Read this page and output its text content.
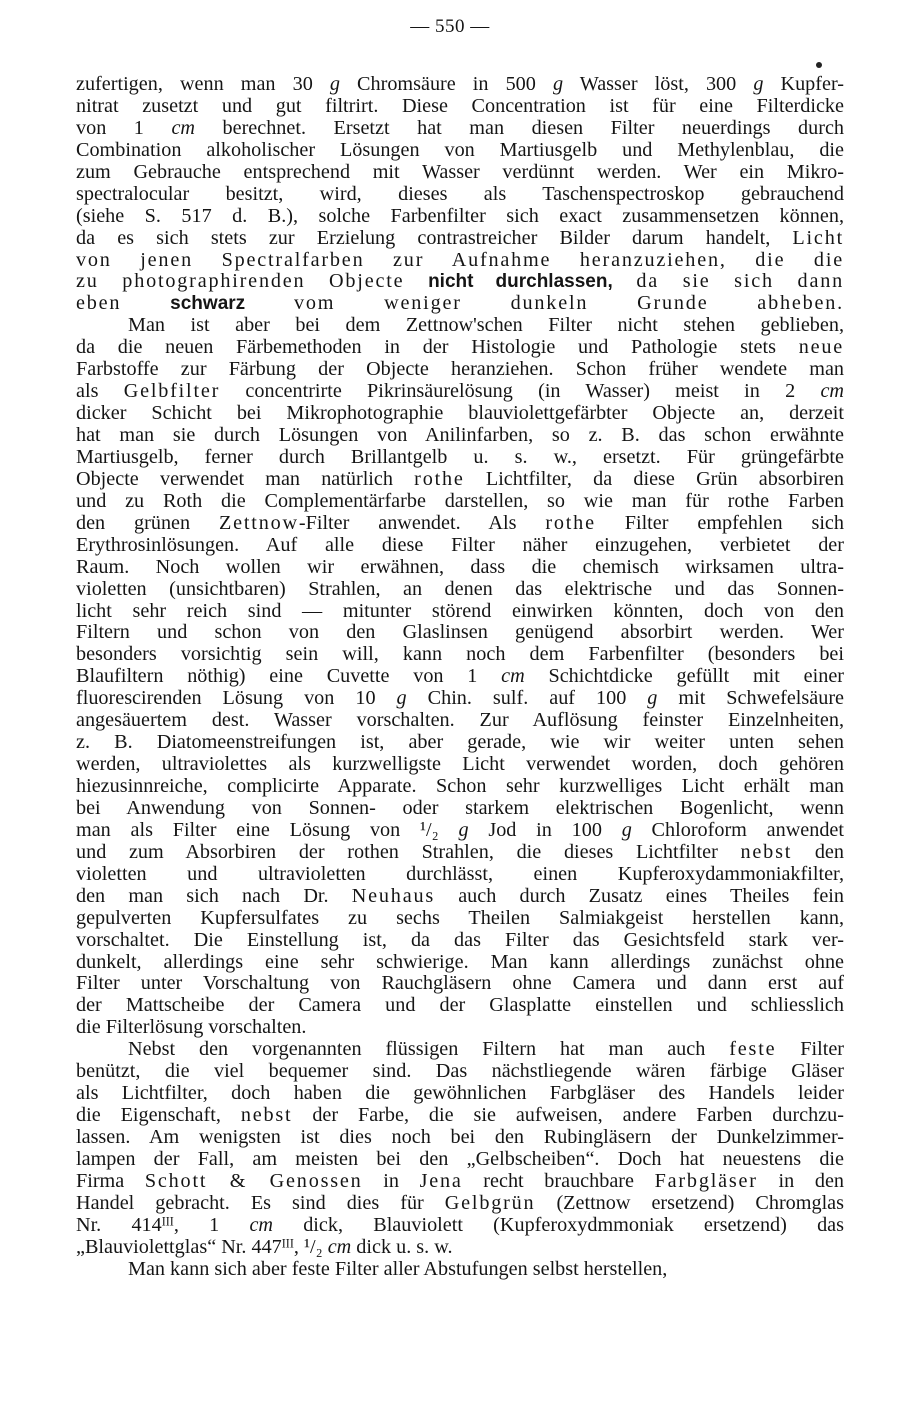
— 550 —
zufertigen, wenn man 30 g Chromsäure in 500 g Wasser löst, 300 g Kupfer-
nitrat zusetzt und gut filtrirt. Diese Concentration ist für eine Filterdicke
von 1 cm berechnet. Ersetzt hat man diesen Filter neuerdings durch
Combination alkoholischer Lösungen von Martiusgelb und Methylenblau, die
zum Gebrauche entsprechend mit Wasser verdünnt werden. Wer ein Mikro-
spectralocular besitzt, wird, dieses als Taschenspectroskop gebrauchend
(siehe S. 517 d. B.), solche Farbenfilter sich exact zusammensetzen können,
da es sich stets zur Erzielung contrastreicher Bilder darum handelt, Licht
von jenen Spectralfarben zur Aufnahme heranzuziehen, die die
zu photographirenden Objecte nicht durchlassen, da sie sich dann
eben schwarz vom weniger dunkeln Grunde abheben.
Man ist aber bei dem Zettnow'schen Filter nicht stehen geblieben,
da die neuen Färbemethoden in der Histologie und Pathologie stets neue
Farbstoffe zur Färbung der Objecte heranziehen. Schon früher wendete man
als Gelbfilter concentrirte Pikrinsäurelösung (in Wasser) meist in 2 cm
dicker Schicht bei Mikrophotographie blauviolettgefärbter Objecte an, derzeit
hat man sie durch Lösungen von Anilinfarben, so z. B. das schon erwähnte
Martiusgelb, ferner durch Brillantgelb u. s. w., ersetzt. Für grüngefärbte
Objecte verwendet man natürlich rothe Lichtfilter, da diese Grün absorbiren
und zu Roth die Complementärfarbe darstellen, so wie man für rothe Farben
den grünen Zettnow-Filter anwendet. Als rothe Filter empfehlen sich
Erythrosinlösungen. Auf alle diese Filter näher einzugehen, verbietet der
Raum. Noch wollen wir erwähnen, dass die chemisch wirksamen ultra-
violetten (unsichtbaren) Strahlen, an denen das elektrische und das Sonnen-
licht sehr reich sind — mitunter störend einwirken könnten, doch von den
Filtern und schon von den Glaslinsen genügend absorbirt werden. Wer
besonders vorsichtig sein will, kann noch dem Farbenfilter (besonders bei
Blaufiltern nöthig) eine Cuvette von 1 cm Schichtdicke gefüllt mit einer
fluorescirenden Lösung von 10 g Chin. sulf. auf 100 g mit Schwefelsäure
angesäuertem dest. Wasser vorschalten. Zur Auflösung feinster Einzelnheiten,
z. B. Diatomeenstreifungen ist, aber gerade, wie wir weiter unten sehen
werden, ultraviolettes als kurzwelligste Licht verwendet worden, doch gehören
hiezusinnreiche, complicirte Apparate. Schon sehr kurzwelliges Licht erhält man
bei Anwendung von Sonnen- oder starkem elektrischen Bogenlicht, wenn
man als Filter eine Lösung von ¹/₂ g Jod in 100 g Chloroform anwendet
und zum Absorbiren der rothen Strahlen, die dieses Lichtfilter nebst den
violetten und ultravioletten durchlässt, einen Kupferoxydammoniakfilter,
den man sich nach Dr. Neuhaus auch durch Zusatz eines Theiles fein
gepulverten Kupfersulfates zu sechs Theilen Salmiakgeist herstellen kann,
vorschaltet. Die Einstellung ist, da das Filter das Gesichtsfeld stark ver-
dunkelt, allerdings eine sehr schwierige. Man kann allerdings zunächst ohne
Filter unter Vorschaltung von Rauchgläsern ohne Camera und dann erst auf
der Mattscheibe der Camera und der Glasplatte einstellen und schliesslich
die Filterlösung vorschalten.
Nebst den vorgenannten flüssigen Filtern hat man auch feste Filter
benützt, die viel bequemer sind. Das nächstliegende wären färbige Gläser
als Lichtfilter, doch haben die gewöhnlichen Farbgläser des Handels leider
die Eigenschaft, nebst der Farbe, die sie aufweisen, andere Farben durchzu-
lassen. Am wenigsten ist dies noch bei den Rubingläsern der Dunkelzimmer-
lampen der Fall, am meisten bei den „Gelbscheiben“. Doch hat neuestens die
Firma Schott & Genossen in Jena recht brauchbare Farbgläser in den
Handel gebracht. Es sind dies für Gelbgrün (Zettnow ersetzend) Chromglas
Nr. 414ᴵᴵᴵ, 1 cm dick, Blauviolett (Kupferoxydmmoniak ersetzend) das
„Blauviolettglas“ Nr. 447ᴵᴵᴵ, ¹/₂ cm dick u. s. w.
Man kann sich aber feste Filter aller Abstufungen selbst herstellen,
